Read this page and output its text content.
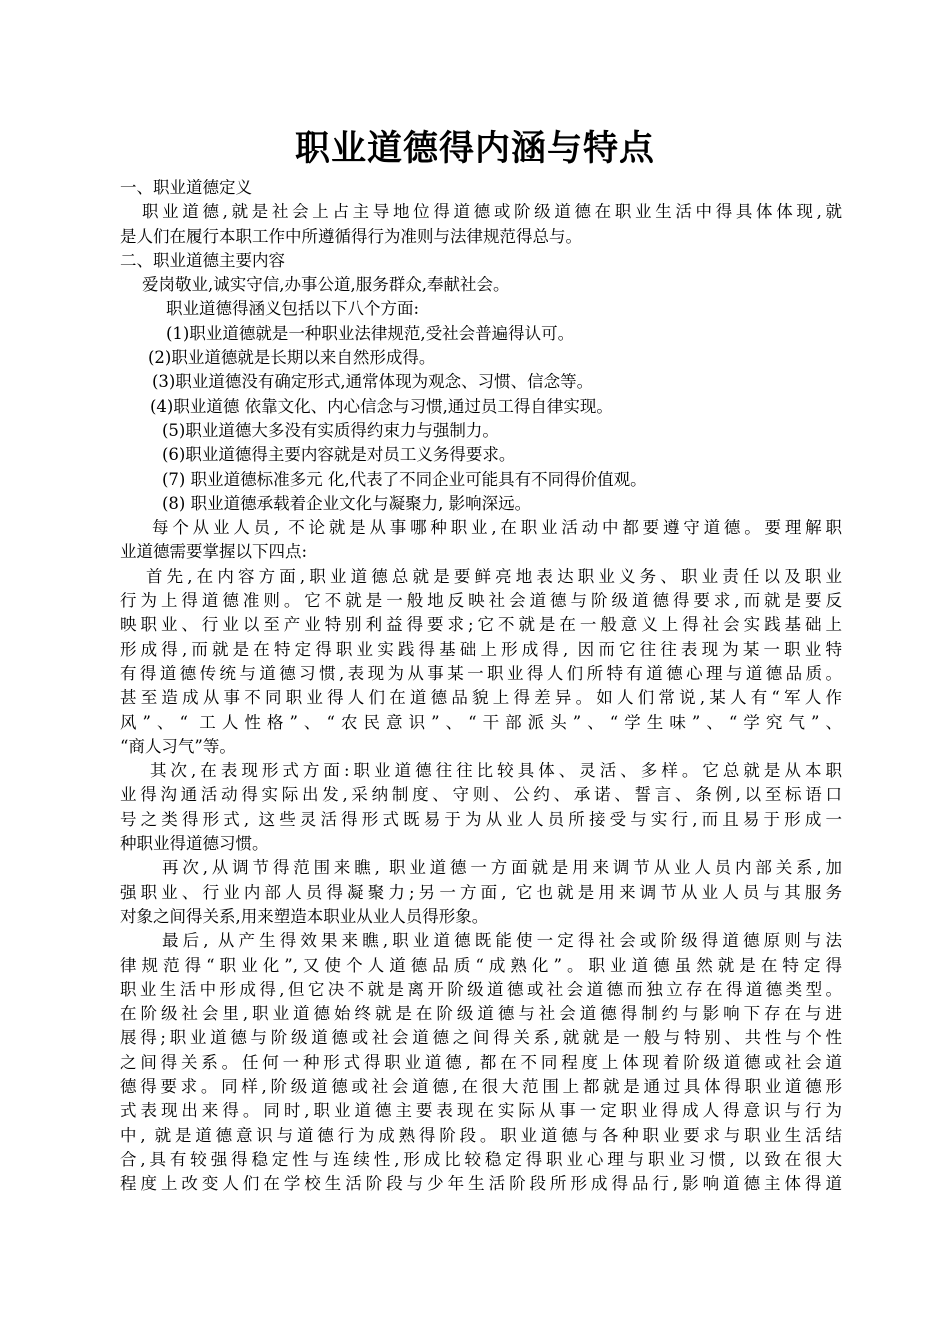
职业道德得内涵与特点
一、职业道德定义
职业道德,就是社会上占主导地位得道德或阶级道德在职业生活中得具体体现,就
是人们在履行本职工作中所遵循得行为准则与法律规范得总与。
二、职业道德主要内容
爱岗敬业,诚实守信,办事公道,服务群众,奉献社会。
职业道德得涵义包括以下八个方面:
(1)职业道德就是一种职业法律规范,受社会普遍得认可。
(2)职业道德就是长期以来自然形成得。
(3)职业道德没有确定形式,通常体现为观念、习惯、信念等。
(4)职业道德 依靠文化、内心信念与习惯,通过员工得自律实现。
(5)职业道德大多没有实质得约束力与强制力。
(6)职业道德得主要内容就是对员工义务得要求。
(7) 职业道德标准多元 化,代表了不同企业可能具有不同得价值观。
(8) 职业道德承载着企业文化与凝聚力, 影响深远。
每个从业人员, 不论就是从事哪种职业,在职业活动中都要遵守道德。要理解职
业道德需要掌握以下四点:
首先,在内容方面,职业道德总就是要鲜亮地表达职业义务、职业责任以及职业
行为上得道德准则。它不就是一般地反映社会道德与阶级道德得要求,而就是要反
映职业、行业以至产业特别利益得要求;它不就是在一般意义上得社会实践基础上
形成得,而就是在特定得职业实践得基础上形成得, 因而它往往表现为某一职业特
有得道德传统与道德习惯,表现为从事某一职业得人们所特有道德心理与道德品质。
甚至造成从事不同职业得人们在道德品貌上得差异。如人们常说,某人有“军人作
风”、“ 工人性格”、“农民意识”、“干部派头”、“学生味”、“学究气”、
“商人习气”等。
其次,在表现形式方面:职业道德往往比较具体、灵活、多样。它总就是从本职
业得沟通活动得实际出发,采纳制度、守则、公约、承诺、誓言、条例,以至标语口
号之类得形式, 这些灵活得形式既易于为从业人员所接受与实行,而且易于形成一
种职业得道德习惯。
再次,从调节得范围来瞧, 职业道德一方面就是用来调节从业人员内部关系,加
强职业、行业内部人员得凝聚力;另一方面, 它也就是用来调节从业人员与其服务
对象之间得关系,用来塑造本职业从业人员得形象。
最后, 从产生得效果来瞧,职业道德既能使一定得社会或阶级得道德原则与法
律规范得“职业化”,又使个人道德品质“成熟化”。职业道德虽然就是在特定得
职业生活中形成得,但它决不就是离开阶级道德或社会道德而独立存在得道德类型。
在阶级社会里,职业道德始终就是在阶级道德与社会道德得制约与影响下存在与进
展得;职业道德与阶级道德或社会道德之间得关系,就就是一般与特别、共性与个性
之间得关系。任何一种形式得职业道德, 都在不同程度上体现着阶级道德或社会道
德得要求。同样,阶级道德或社会道德,在很大范围上都就是通过具体得职业道德形
式表现出来得。同时,职业道德主要表现在实际从事一定职业得成人得意识与行为
中, 就是道德意识与道德行为成熟得阶段。职业道德与各种职业要求与职业生活结
合,具有较强得稳定性与连续性,形成比较稳定得职业心理与职业习惯, 以致在很大
程度上改变人们在学校生活阶段与少年生活阶段所形成得品行,影响道德主体得道
